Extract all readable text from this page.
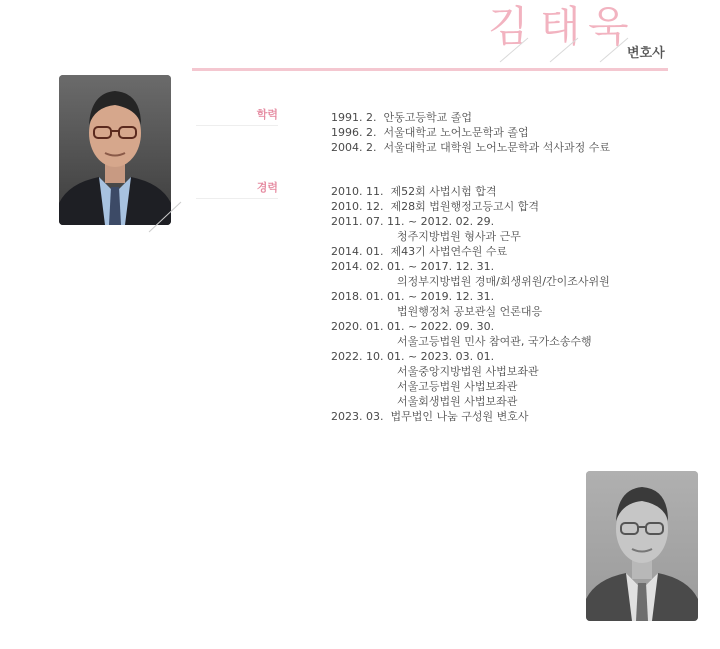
김 태 욱
변호사
학력	1991. 2.  안동고등학교 졸업
1996. 2.  서울대학교 노어노문학과 졸업
2004. 2.  서울대학교 대학원 노어노문학과 석사과정 수료
경력	2010. 11.  제52회 사법시험 합격
2010. 12.  제28회 법원행정고등고시 합격
2011. 07. 11. ~ 2012. 02. 29.
청주지방법원 형사과 근무
2014. 01.  제43기 사법연수원 수료
2014. 02. 01. ~ 2017. 12. 31.
의정부지방법원 경매/회생위원/간이조사위원
2018. 01. 01. ~ 2019. 12. 31.
법원행정처 공보관실 언론대응
2020. 01. 01. ~ 2022. 09. 30.
서울고등법원 민사 참여관, 국가소송수행
2022. 10. 01. ~ 2023. 03. 01.
서울중앙지방법원 사법보좌관
서울고등법원 사법보좌관
서울회생법원 사법보좌관
2023. 03.  법무법인 나눔 구성원 변호사
